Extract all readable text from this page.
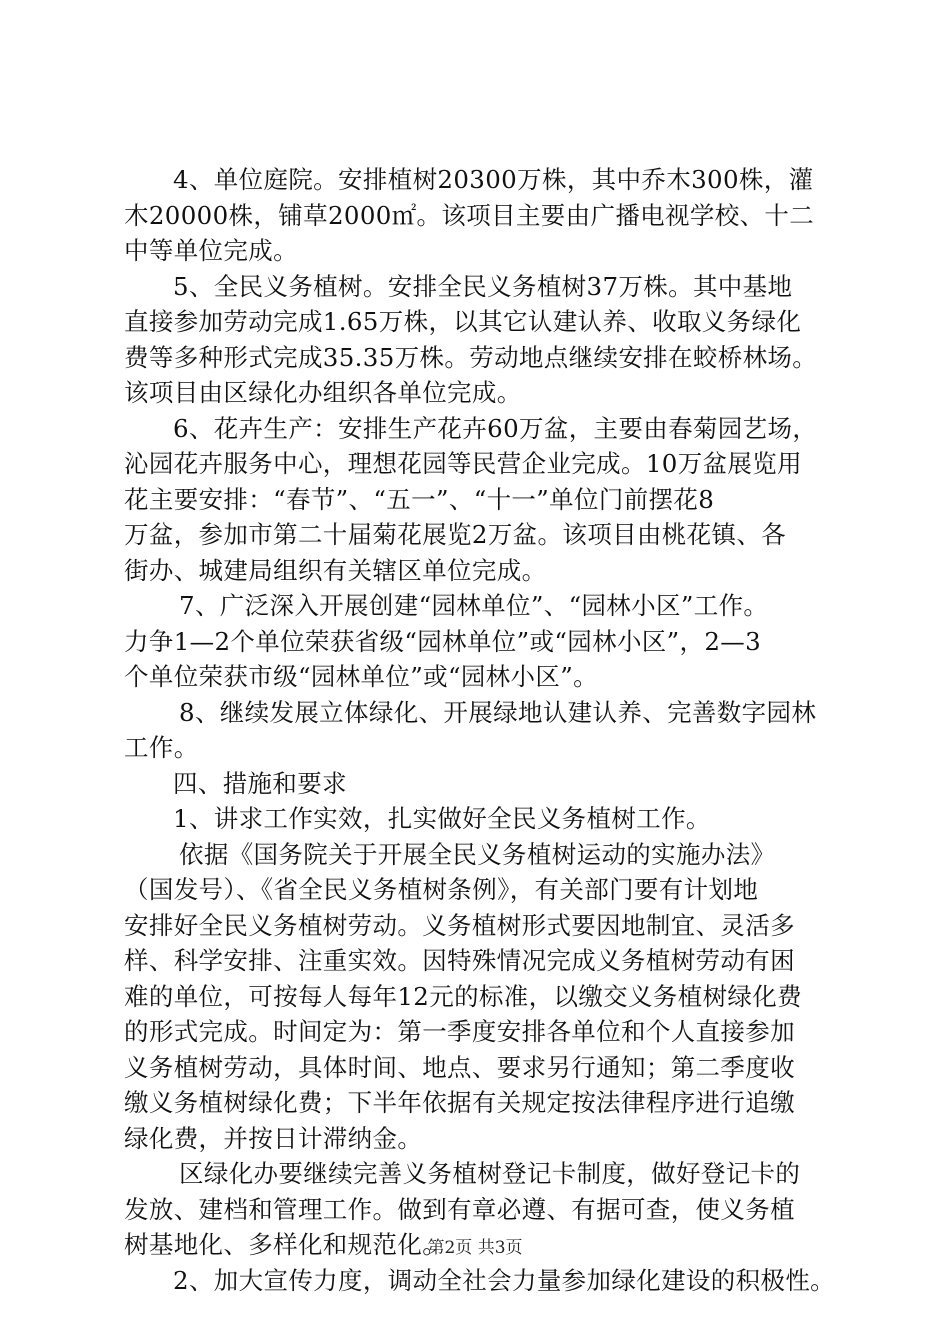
4、单位庭院。安排植树20300万株，其中乔木300株，灌
木20000株，铺草2000㎡。该项目主要由广播电视学校、十二
中等单位完成。
5、全民义务植树。安排全民义务植树37万株。其中基地
直接参加劳动完成1.65万株，以其它认建认养、收取义务绿化
费等多种形式完成35.35万株。劳动地点继续安排在蛟桥林场。
该项目由区绿化办组织各单位完成。
6、花卉生产：安排生产花卉60万盆，主要由春菊园艺场，
沁园花卉服务中心，理想花园等民营企业完成。10万盆展览用
花主要安排：“春节”、“五一”、“十一”单位门前摆花8
万盆，参加市第二十届菊花展览2万盆。该项目由桃花镇、各
街办、城建局组织有关辖区单位完成。
7、广泛深入开展创建“园林单位”、“园林小区”工作。
力争1—2个单位荣获省级“园林单位”或“园林小区”，2—3
个单位荣获市级“园林单位”或“园林小区”。
8、继续发展立体绿化、开展绿地认建认养、完善数字园林
工作。
四、措施和要求
1、讲求工作实效，扎实做好全民义务植树工作。
依据《国务院关于开展全民义务植树运动的实施办法》
（国发号）、《省全民义务植树条例》，有关部门要有计划地
安排好全民义务植树劳动。义务植树形式要因地制宜、灵活多
样、科学安排、注重实效。因特殊情况完成义务植树劳动有困
难的单位，可按每人每年12元的标准，以缴交义务植树绿化费
的形式完成。时间定为：第一季度安排各单位和个人直接参加
义务植树劳动，具体时间、地点、要求另行通知；第二季度收
缴义务植树绿化费；下半年依据有关规定按法律程序进行追缴
绿化费，并按日计滞纳金。
区绿化办要继续完善义务植树登记卡制度，做好登记卡的
发放、建档和管理工作。做到有章必遵、有据可查，使义务植
树基地化、多样化和规范化。
2、加大宣传力度，调动全社会力量参加绿化建设的积极性。
第2页 共3页
